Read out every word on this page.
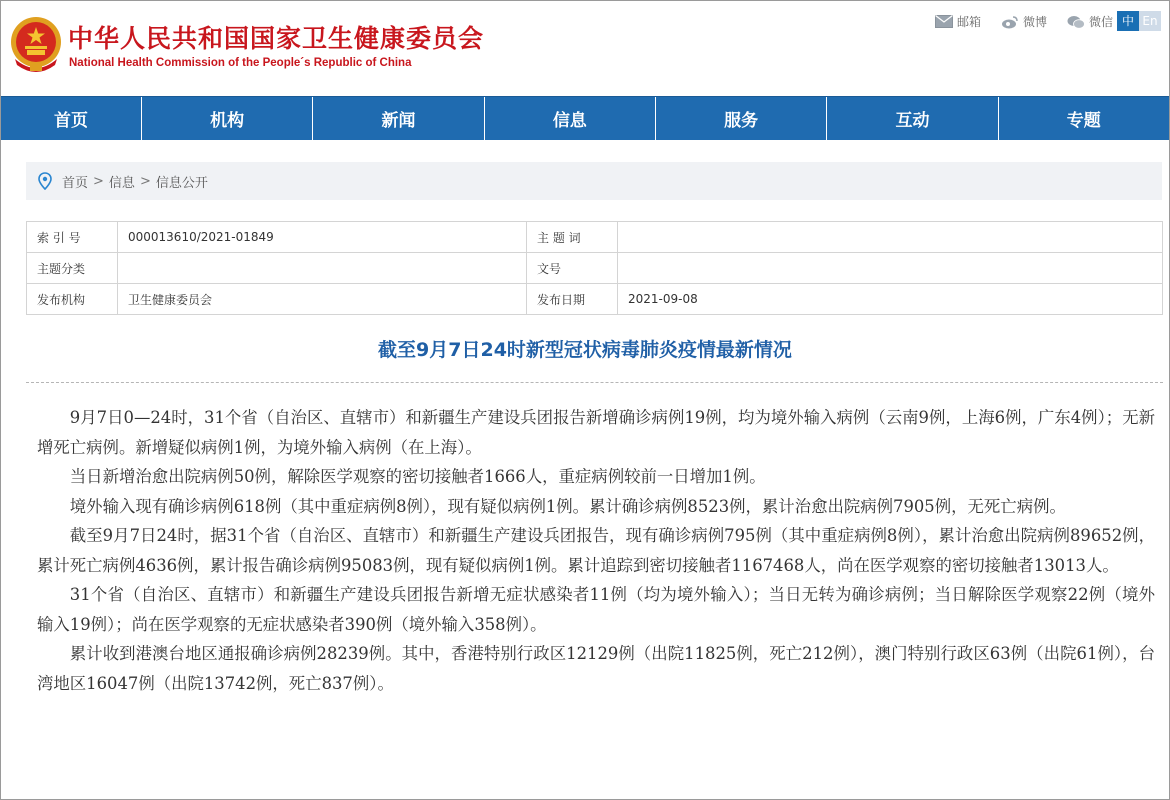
中华人民共和国国家卫生健康委员会
National Health Commission of the People´s Republic of China
邮箱	微博	微信 中 En
首页	机构	新闻	信息	服务	互动	专题
首页 > 信息 > 信息公开
索 引 号	000013610/2021-01849	主 题 词	
主题分类		文号	
发布机构	卫生健康委员会	发布日期	2021-09-08
截至9月7日24时新型冠状病毒肺炎疫情最新情况

9月7日0—24时，31个省（自治区、直辖市）和新疆生产建设兵团报告新增确诊病例19例，均为境外输入病例（云南9例，上海6例，广东4例）；无新增死亡病例。新增疑似病例1例，为境外输入病例（在上海）。

当日新增治愈出院病例50例，解除医学观察的密切接触者1666人，重症病例较前一日增加1例。

境外输入现有确诊病例618例（其中重症病例8例），现有疑似病例1例。累计确诊病例8523例，累计治愈出院病例7905例，无死亡病例。

截至9月7日24时，据31个省（自治区、直辖市）和新疆生产建设兵团报告，现有确诊病例795例（其中重症病例8例），累计治愈出院病例89652例，累计死亡病例4636例，累计报告确诊病例95083例，现有疑似病例1例。累计追踪到密切接触者1167468人，尚在医学观察的密切接触者13013人。

31个省（自治区、直辖市）和新疆生产建设兵团报告新增无症状感染者11例（均为境外输入）；当日无转为确诊病例；当日解除医学观察22例（境外输入19例）；尚在医学观察的无症状感染者390例（境外输入358例）。

累计收到港澳台地区通报确诊病例28239例。其中，香港特别行政区12129例（出院11825例，死亡212例），澳门特别行政区63例（出院61例），台湾地区16047例（出院13742例，死亡837例）。
